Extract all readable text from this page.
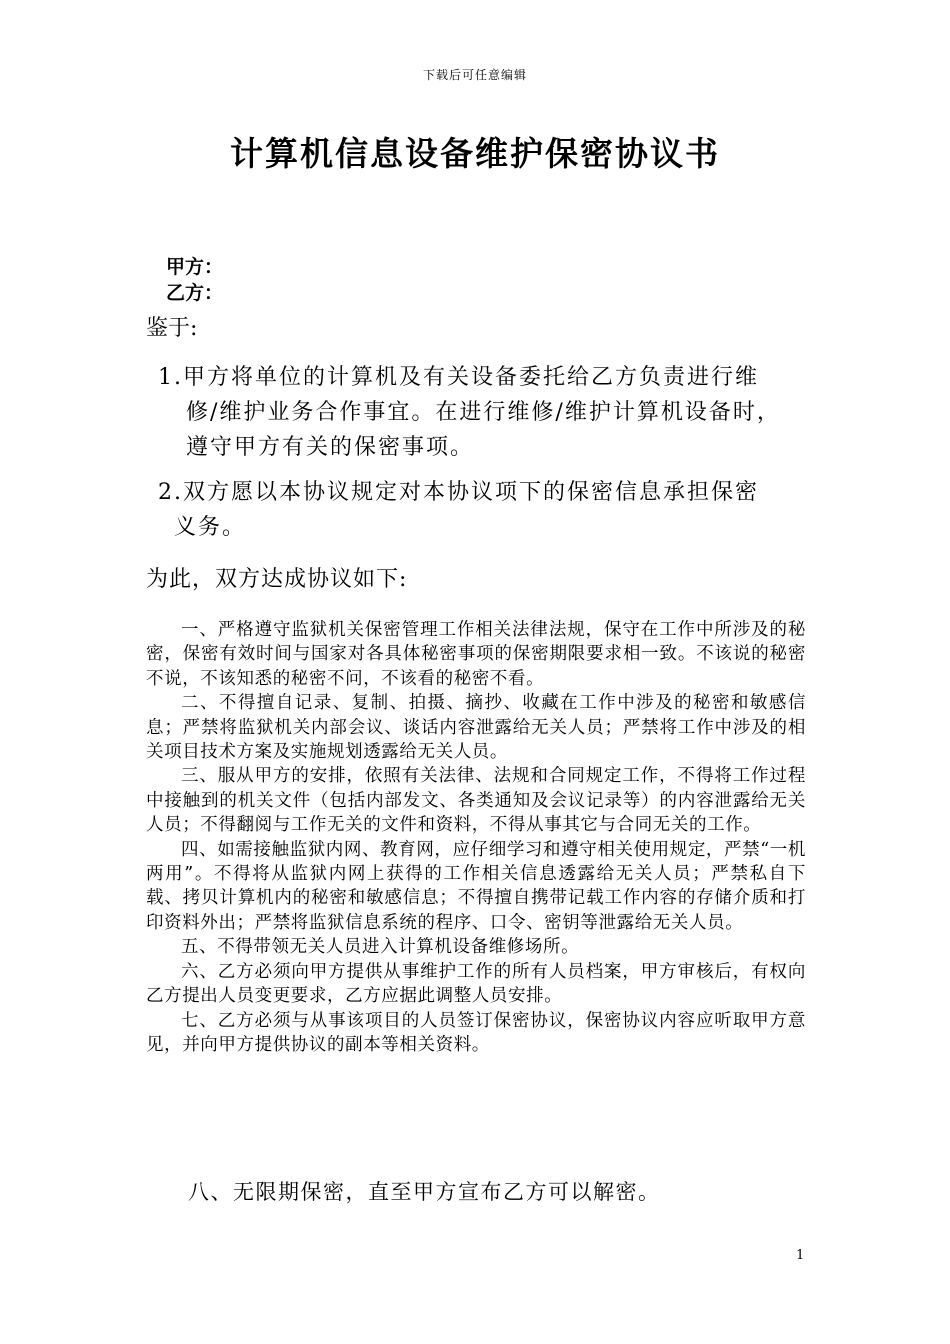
下载后可任意编辑
计算机信息设备维护保密协议书
甲方：
乙方：
鉴于:
1.甲方将单位的计算机及有关设备委托给乙方负责进行维
修/维护业务合作事宜。在进行维修/维护计算机设备时，
遵守甲方有关的保密事项。
2.双方愿以本协议规定对本协议项下的保密信息承担保密
义务。
为此，双方达成协议如下:

一、严格遵守监狱机关保密管理工作相关法律法规，保守在工作中所涉及的秘密，保密有效时间与国家对各具体秘密事项的保密期限要求相一致。不该说的秘密不说，不该知悉的秘密不问，不该看的秘密不看。

二、不得擅自记录、复制、拍摄、摘抄、收藏在工作中涉及的秘密和敏感信息；严禁将监狱机关内部会议、谈话内容泄露给无关人员；严禁将工作中涉及的相关项目技术方案及实施规划透露给无关人员。

三、服从甲方的安排，依照有关法律、法规和合同规定工作，不得将工作过程中接触到的机关文件（包括内部发文、各类通知及会议记录等）的内容泄露给无关人员；不得翻阅与工作无关的文件和资料，不得从事其它与合同无关的工作。

四、如需接触监狱内网、教育网，应仔细学习和遵守相关使用规定，严禁“一机两用”。不得将从监狱内网上获得的工作相关信息透露给无关人员；严禁私自下载、拷贝计算机内的秘密和敏感信息；不得擅自携带记载工作内容的存储介质和打印资料外出；严禁将监狱信息系统的程序、口令、密钥等泄露给无关人员。

五、不得带领无关人员进入计算机设备维修场所。

六、乙方必须向甲方提供从事维护工作的所有人员档案，甲方审核后，有权向乙方提出人员变更要求，乙方应据此调整人员安排。

七、乙方必须与从事该项目的人员签订保密协议，保密协议内容应听取甲方意见，并向甲方提供协议的副本等相关资料。

八、无限期保密，直至甲方宣布乙方可以解密。

1
